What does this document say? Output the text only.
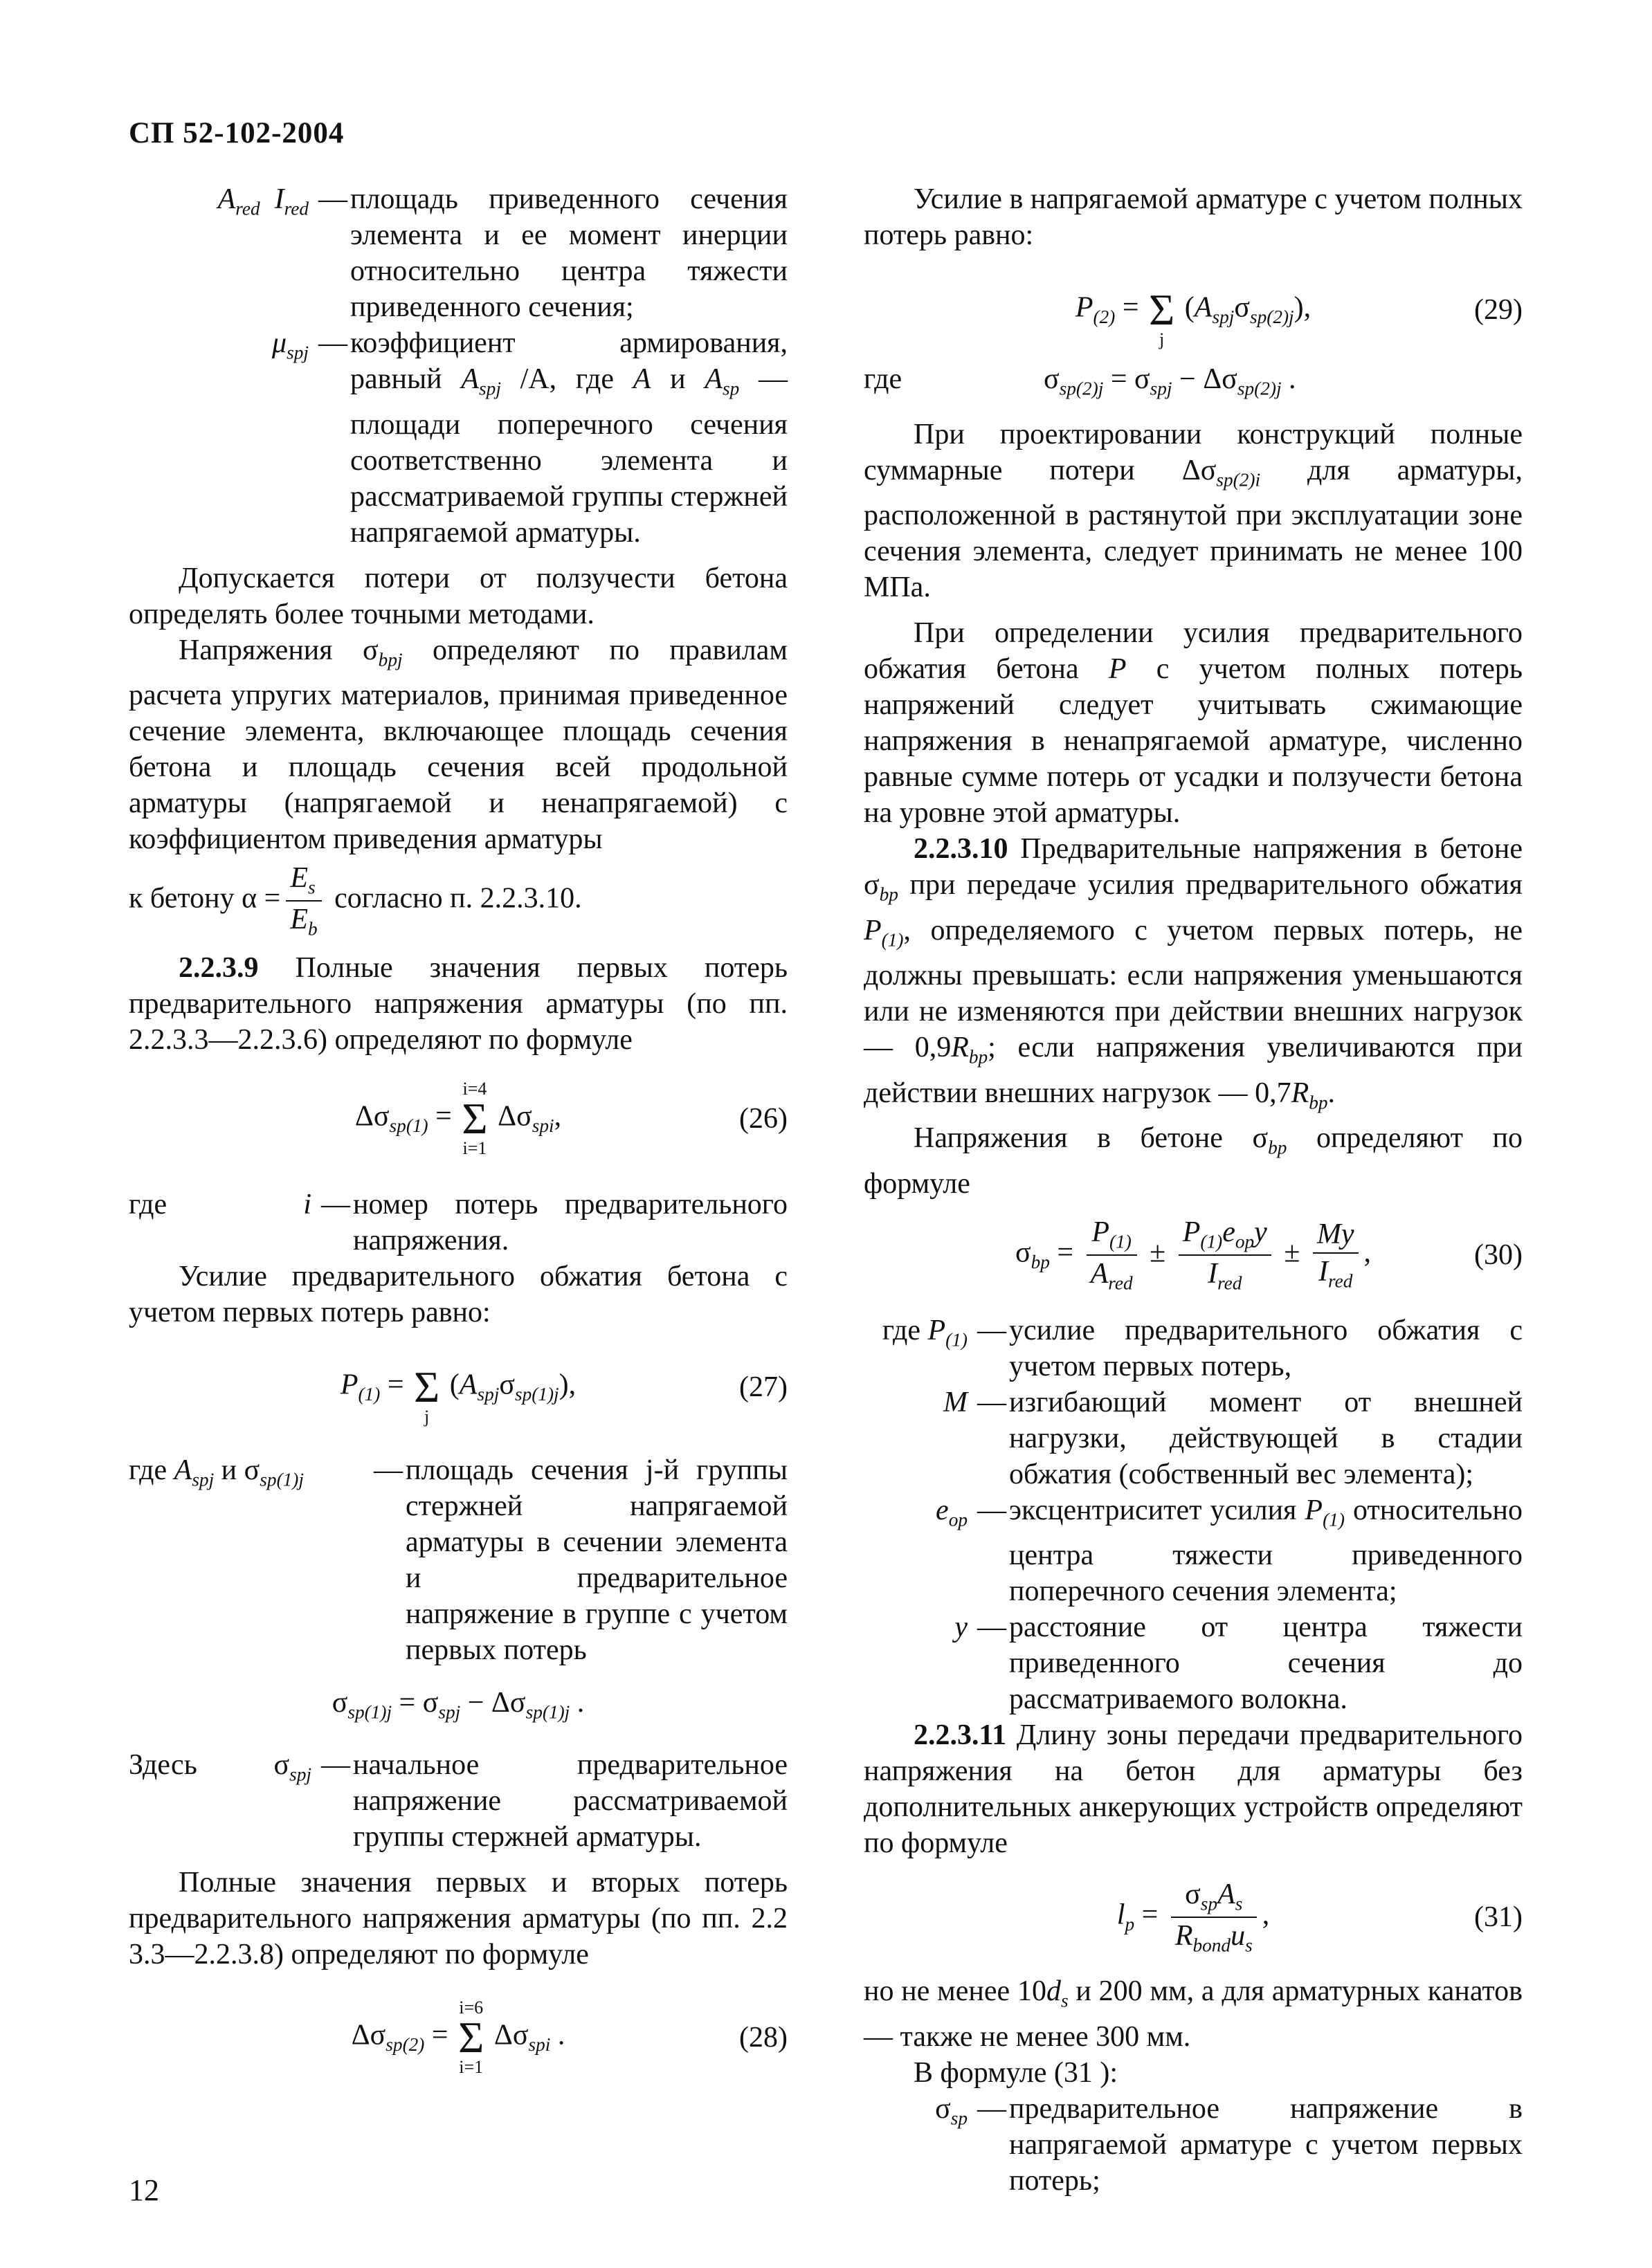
СП 52-102-2004
$A_{red}$ $I_{red}$ — площадь приведенного сечения элемента и ее момент инерции относительно центра тяжести приведенного сечения;
$\mu_{spj}$ — коэффициент армирования, равный $A_{spj}$ /A, где A и $A_{sp}$ — площади поперечного сечения соответственно элемента и рассматриваемой группы стержней напрягаемой арматуры.

Допускается потери от ползучести бетона определять более точными методами.

Напряжения $\sigma_{bpj}$ определяют по правилам расчета упругих материалов, принимая приведенное сечение элемента, включающее площадь сечения бетона и площадь сечения всей продольной арматуры (напрягаемой и ненапрягаемой) с коэффициентом приведения арматуры

к бетону $\alpha = \frac{E_s}{E_b}$ согласно п. 2.2.3.10.

2.2.3.9 Полные значения первых потерь предварительного напряжения арматуры (по пп. 2.2.3.3—2.2.3.6) определяют по формуле

$\Delta\sigma_{sp(1)}$ =
i=4
Σ
i=1
$\Delta\sigma_{spi}$,	(26)
где	i — номер потерь предварительного напряжения.

Усилие предварительного обжатия бетона с учетом первых потерь равно:

$P_{(1)}$ =
Σ
j
$(A_{spj}\sigma_{sp(1)j})$,	(27)
где $A_{spj}$ и $\sigma_{sp(1)j}$	— площадь сечения j-й группы стержней напрягаемой арматуры в сечении элемента и предварительное напряжение в группе с учетом первых потерь
$\sigma_{sp(1)j} = \sigma_{spj} - \Delta\sigma_{sp(1)j}$ .
Здесь	$\sigma_{spj}$ — начальное предварительное напряжение рассматриваемой группы стержней арматуры.

Полные значения первых и вторых потерь предварительного напряжения арматуры (по пп. 2.2 3.3—2.2.3.8) определяют по формуле

$\Delta\sigma_{sp(2)}$ =
i=6
Σ
i=1
$\Delta\sigma_{spi}$ .	(28)

Усилие в напрягаемой арматуре с учетом полных потерь равно:

$P_{(2)}$ =
Σ
j
$(A_{spj}\sigma_{sp(2)j})$,	(29)
где	$\sigma_{sp(2)j} = \sigma_{spj} - \Delta\sigma_{sp(2)j}$ .

При проектировании конструкций полные суммарные потери $\Delta\sigma_{sp(2)i}$ для арматуры, расположенной в растянутой при эксплуатации зоне сечения элемента, следует принимать не менее 100 МПа.

При определении усилия предварительного обжатия бетона P с учетом полных потерь напряжений следует учитывать сжимающие напряжения в ненапрягаемой арматуре, численно равные сумме потерь от усадки и ползучести бетона на уровне этой арматуры.

2.2.3.10 Предварительные напряжения в бетоне $\sigma_{bp}$ при передаче усилия предварительного обжатия $P_{(1)}$, определяемого с учетом первых потерь, не должны превышать: если напряжения уменьшаются или не изменяются при действии внешних нагрузок — $0,9R_{bp}$; если напряжения увеличиваются при действии внешних нагрузок — $0,7R_{bp}$.

Напряжения в бетоне $\sigma_{bp}$ определяют по формуле

$\sigma_{bp} = \frac{P_{(1)}}{A_{red}} \pm \frac{P_{(1)}e_{op}y}{I_{red}} \pm \frac{My}{I_{red}}$ ,	(30)
где $P_{(1)}$ — усилие предварительного обжатия с учетом первых потерь,
M — изгибающий момент от внешней нагрузки, действующей в стадии обжатия (собственный вес элемента);
$e_{op}$ — эксцентриситет усилия $P_{(1)}$ относительно центра тяжести приведенного поперечного сечения элемента;
y — расстояние от центра тяжести приведенного сечения до рассматриваемого волокна.

2.2.3.11 Длину зоны передачи предварительного напряжения на бетон для арматуры без дополнительных анкерующих устройств определяют по формуле

$l_p = \frac{\sigma_{sp}A_s}{R_{bond}u_s}$ ,	(31)

но не менее $10d_s$ и 200 мм, а для арматурных канатов — также не менее 300 мм.

В формуле (31 ):

$\sigma_{sp}$ — предварительное напряжение в напрягаемой арматуре с учетом первых потерь;
12
